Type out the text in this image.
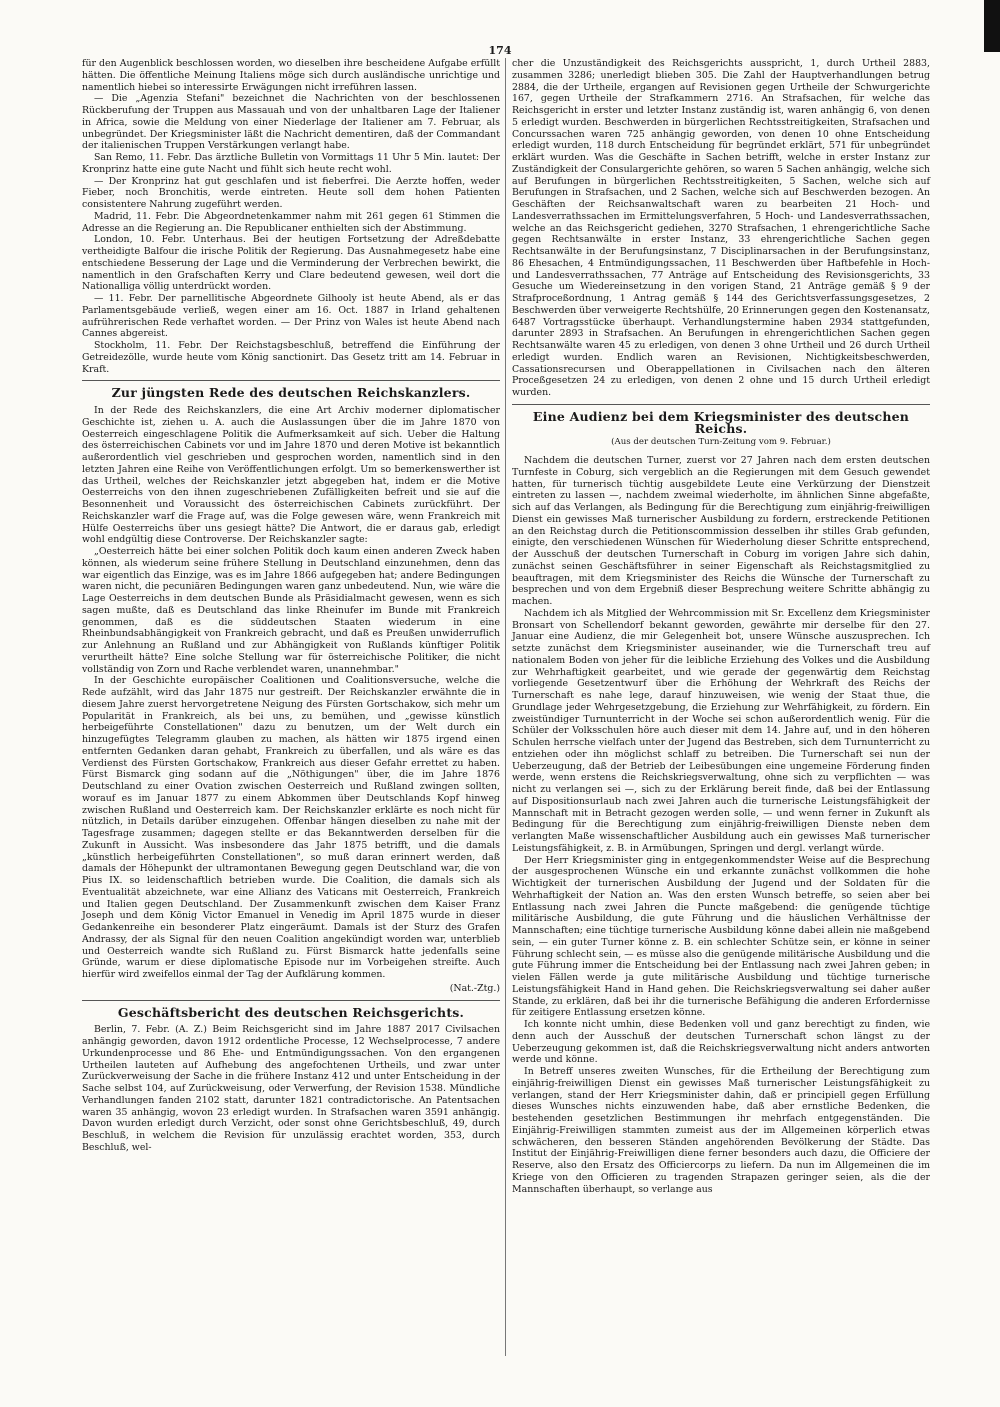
174

für den Augenblick beschlossen worden, wo dieselben ihre bescheidene Aufgabe erfüllt hätten. Die öffentliche Meinung Italiens möge sich durch ausländische unrichtige und namentlich hiebei so interessirte Erwägungen nicht irreführen lassen.

— Die „Agenzia Stefani" bezeichnet die Nachrichten von der beschlossenen Rückberufung der Truppen aus Massauah und von der unhaltbaren Lage der Italiener in Africa, sowie die Meldung von einer Niederlage der Italiener am 7. Februar, als unbegründet. Der Kriegsminister läßt die Nachricht dementiren, daß der Commandant der italienischen Truppen Verstärkungen verlangt habe.

San Remo, 11. Febr. Das ärztliche Bulletin von Vormittags 11 Uhr 5 Min. lautet: Der Kronprinz hatte eine gute Nacht und fühlt sich heute recht wohl.

— Der Kronprinz hat gut geschlafen und ist fieberfrei. Die Aerzte hoffen, weder Fieber, noch Bronchitis, werde eintreten. Heute soll dem hohen Patienten consistentere Nahrung zugeführt werden.

Madrid, 11. Febr. Die Abgeordnetenkammer nahm mit 261 gegen 61 Stimmen die Adresse an die Regierung an. Die Republicaner enthielten sich der Abstimmung.

London, 10. Febr. Unterhaus. Bei der heutigen Fortsetzung der Adreßdebatte vertheidigte Balfour die irische Politik der Regierung. Das Ausnahmegesetz habe eine entschiedene Besserung der Lage und die Verminderung der Verbrechen bewirkt, die namentlich in den Grafschaften Kerry und Clare bedeutend gewesen, weil dort die Nationalliga völlig unterdrückt worden.

— 11. Febr. Der parnellitische Abgeordnete Gilhooly ist heute Abend, als er das Parlamentsgebäude verließ, wegen einer am 16. Oct. 1887 in Irland gehaltenen aufrührerischen Rede verhaftet worden. — Der Prinz von Wales ist heute Abend nach Cannes abgereist.

Stockholm, 11. Febr. Der Reichstagsbeschluß, betreffend die Einführung der Getreidezölle, wurde heute vom König sanctionirt. Das Gesetz tritt am 14. Februar in Kraft.

Zur jüngsten Rede des deutschen Reichskanzlers.

In der Rede des Reichskanzlers, die eine Art Archiv moderner diplomatischer Geschichte ist, ziehen u. A. auch die Auslassungen über die im Jahre 1870 von Oesterreich eingeschlagene Politik die Aufmerksamkeit auf sich. Ueber die Haltung des österreichischen Cabinets vor und im Jahre 1870 und deren Motive ist bekanntlich außerordentlich viel geschrieben und gesprochen worden, namentlich sind in den letzten Jahren eine Reihe von Veröffentlichungen erfolgt. Um so bemerkenswerther ist das Urtheil, welches der Reichskanzler jetzt abgegeben hat, indem er die Motive Oesterreichs von den ihnen zugeschriebenen Zufälligkeiten befreit und sie auf die Besonnenheit und Voraussicht des österreichischen Cabinets zurückführt. Der Reichskanzler warf die Frage auf, was die Folge gewesen wäre, wenn Frankreich mit Hülfe Oesterreichs über uns gesiegt hätte? Die Antwort, die er daraus gab, erledigt wohl endgültig diese Controverse. Der Reichskanzler sagte:

„Oesterreich hätte bei einer solchen Politik doch kaum einen anderen Zweck haben können, als wiederum seine frühere Stellung in Deutschland einzunehmen, denn das war eigentlich das Einzige, was es im Jahre 1866 aufgegeben hat; andere Bedingungen waren nicht, die pecuniären Bedingungen waren ganz unbedeutend. Nun, wie wäre die Lage Oesterreichs in dem deutschen Bunde als Präsidialmacht gewesen, wenn es sich sagen mußte, daß es Deutschland das linke Rheinufer im Bunde mit Frankreich genommen, daß es die süddeutschen Staaten wiederum in eine Rheinbundsabhängigkeit von Frankreich gebracht, und daß es Preußen unwiderruflich zur Anlehnung an Rußland und zur Abhängigkeit von Rußlands künftiger Politik verurtheilt hätte? Eine solche Stellung war für österreichische Politiker, die nicht vollständig von Zorn und Rache verblendet waren, unannehmbar."

In der Geschichte europäischer Coalitionen und Coalitionsversuche, welche die Rede aufzählt, wird das Jahr 1875 nur gestreift. Der Reichskanzler erwähnte die in diesem Jahre zuerst hervorgetretene Neigung des Fürsten Gortschakow, sich mehr um Popularität in Frankreich, als bei uns, zu bemühen, und „gewisse künstlich herbeigeführte Constellationen" dazu zu benutzen, um der Welt durch ein hinzugefügtes Telegramm glauben zu machen, als hätten wir 1875 irgend einen entfernten Gedanken daran gehabt, Frankreich zu überfallen, und als wäre es das Verdienst des Fürsten Gortschakow, Frankreich aus dieser Gefahr errettet zu haben. Fürst Bismarck ging sodann auf die „Nöthigungen" über, die im Jahre 1876 Deutschland zu einer Ovation zwischen Oesterreich und Rußland zwingen sollten, worauf es im Januar 1877 zu einem Abkommen über Deutschlands Kopf hinweg zwischen Rußland und Oesterreich kam. Der Reichskanzler erklärte es noch nicht für nützlich, in Details darüber einzugehen. Offenbar hängen dieselben zu nahe mit der Tagesfrage zusammen; dagegen stellte er das Bekanntwerden derselben für die Zukunft in Aussicht. Was insbesondere das Jahr 1875 betrifft, und die damals „künstlich herbeigeführten Constellationen", so muß daran erinnert werden, daß damals der Höhepunkt der ultramontanen Bewegung gegen Deutschland war, die von Pius IX. so leidenschaftlich betrieben wurde. Die Coalition, die damals sich als Eventualität abzeichnete, war eine Allianz des Vaticans mit Oesterreich, Frankreich und Italien gegen Deutschland. Der Zusammenkunft zwischen dem Kaiser Franz Joseph und dem König Victor Emanuel in Venedig im April 1875 wurde in dieser Gedankenreihe ein besonderer Platz eingeräumt. Damals ist der Sturz des Grafen Andrassy, der als Signal für den neuen Coalition angekündigt worden war, unterblieb und Oesterreich wandte sich Rußland zu. Fürst Bismarck hatte jedenfalls seine Gründe, warum er diese diplomatische Episode nur im Vorbeigehen streifte. Auch hierfür wird zweifellos einmal der Tag der Aufklärung kommen.

(Nat.-Ztg.)
Geschäftsbericht des deutschen Reichsgerichts.

Berlin, 7. Febr. (A. Z.) Beim Reichsgericht sind im Jahre 1887 2017 Civilsachen anhängig geworden, davon 1912 ordentliche Processe, 12 Wechselprocesse, 7 andere Urkundenprocesse und 86 Ehe- und Entmündigungssachen. Von den ergangenen Urtheilen lauteten auf Aufhebung des angefochtenen Urtheils, und zwar unter Zurückverweisung der Sache in die frühere Instanz 412 und unter Entscheidung in der Sache selbst 104, auf Zurückweisung, oder Verwerfung, der Revision 1538. Mündliche Verhandlungen fanden 2102 statt, darunter 1821 contradictorische. An Patentsachen waren 35 anhängig, wovon 23 erledigt wurden. In Strafsachen waren 3591 anhängig. Davon wurden erledigt durch Verzicht, oder sonst ohne Gerichtsbeschluß, 49, durch Beschluß, in welchem die Revision für unzulässig erachtet worden, 353, durch Beschluß, wel-

cher die Unzuständigkeit des Reichsgerichts ausspricht, 1, durch Urtheil 2883, zusammen 3286; unerledigt blieben 305. Die Zahl der Hauptverhandlungen betrug 2884, die der Urtheile, ergangen auf Revisionen gegen Urtheile der Schwurgerichte 167, gegen Urtheile der Strafkammern 2716. An Strafsachen, für welche das Reichsgericht in erster und letzter Instanz zuständig ist, waren anhängig 6, von denen 5 erledigt wurden. Beschwerden in bürgerlichen Rechtsstreitigkeiten, Strafsachen und Concurssachen waren 725 anhängig geworden, von denen 10 ohne Entscheidung erledigt wurden, 118 durch Entscheidung für begründet erklärt, 571 für unbegründet erklärt wurden. Was die Geschäfte in Sachen betrifft, welche in erster Instanz zur Zuständigkeit der Consulargerichte gehören, so waren 5 Sachen anhängig, welche sich auf Berufungen in bürgerlichen Rechtsstreitigkeiten, 5 Sachen, welche sich auf Berufungen in Strafsachen, und 2 Sachen, welche sich auf Beschwerden bezogen. An Geschäften der Reichsanwaltschaft waren zu bearbeiten 21 Hoch- und Landesverrathssachen im Ermittelungsverfahren, 5 Hoch- und Landesverrathssachen, welche an das Reichsgericht gediehen, 3270 Strafsachen, 1 ehrengerichtliche Sache gegen Rechtsanwälte in erster Instanz, 33 ehrengerichtliche Sachen gegen Rechtsanwälte in der Berufungsinstanz, 7 Disciplinarsachen in der Berufungsinstanz, 86 Ehesachen, 4 Entmündigungssachen, 11 Beschwerden über Haftbefehle in Hoch- und Landesverrathssachen, 77 Anträge auf Entscheidung des Revisionsgerichts, 33 Gesuche um Wiedereinsetzung in den vorigen Stand, 21 Anträge gemäß § 9 der Strafproceßordnung, 1 Antrag gemäß § 144 des Gerichtsverfassungsgesetzes, 2 Beschwerden über verweigerte Rechtshülfe, 20 Erinnerungen gegen den Kostenansatz, 6487 Vortragsstücke überhaupt. Verhandlungstermine haben 2934 stattgefunden, darunter 2893 in Strafsachen. An Berufungen in ehrengerichtlichen Sachen gegen Rechtsanwälte waren 45 zu erledigen, von denen 3 ohne Urtheil und 26 durch Urtheil erledigt wurden. Endlich waren an Revisionen, Nichtigkeitsbeschwerden, Cassationsrecursen und Oberappellationen in Civilsachen nach den älteren Proceßgesetzen 24 zu erledigen, von denen 2 ohne und 15 durch Urtheil erledigt wurden.

Eine Audienz bei dem Kriegsminister des deutschen Reichs.
(Aus der deutschen Turn-Zeitung vom 9. Februar.)

Nachdem die deutschen Turner, zuerst vor 27 Jahren nach dem ersten deutschen Turnfeste in Coburg, sich vergeblich an die Regierungen mit dem Gesuch gewendet hatten, für turnerisch tüchtig ausgebildete Leute eine Verkürzung der Dienstzeit eintreten zu lassen —, nachdem zweimal wiederholte, im ähnlichen Sinne abgefaßte, sich auf das Verlangen, als Bedingung für die Berechtigung zum einjährig-freiwilligen Dienst ein gewisses Maß turnerischer Ausbildung zu fordern, erstreckende Petitionen an den Reichstag durch die Petitionscommission desselben ihr stilles Grab gefunden, einigte, den verschiedenen Wünschen für Wiederholung dieser Schritte entsprechend, der Ausschuß der deutschen Turnerschaft in Coburg im vorigen Jahre sich dahin, zunächst seinen Geschäftsführer in seiner Eigenschaft als Reichstagsmitglied zu beauftragen, mit dem Kriegsminister des Reichs die Wünsche der Turnerschaft zu besprechen und von dem Ergebniß dieser Besprechung weitere Schritte abhängig zu machen.

Nachdem ich als Mitglied der Wehrcommission mit Sr. Excellenz dem Kriegsminister Bronsart von Schellendorf bekannt geworden, gewährte mir derselbe für den 27. Januar eine Audienz, die mir Gelegenheit bot, unsere Wünsche auszusprechen. Ich setzte zunächst dem Kriegsminister auseinander, wie die Turnerschaft treu auf nationalem Boden von jeher für die leibliche Erziehung des Volkes und die Ausbildung zur Wehrhaftigkeit gearbeitet, und wie gerade der gegenwärtig dem Reichstag vorliegende Gesetzentwurf über die Erhöhung der Wehrkraft des Reichs der Turnerschaft es nahe lege, darauf hinzuweisen, wie wenig der Staat thue, die Grundlage jeder Wehrgesetzgebung, die Erziehung zur Wehrfähigkeit, zu fördern. Ein zweistündiger Turnunterricht in der Woche sei schon außerordentlich wenig. Für die Schüler der Volksschulen höre auch dieser mit dem 14. Jahre auf, und in den höheren Schulen herrsche vielfach unter der Jugend das Bestreben, sich dem Turnunterricht zu entziehen oder ihn möglichst schlaff zu betreiben. Die Turnerschaft sei nun der Ueberzeugung, daß der Betrieb der Leibesübungen eine ungemeine Förderung finden werde, wenn erstens die Reichskriegsverwaltung, ohne sich zu verpflichten — was nicht zu verlangen sei —, sich zu der Erklärung bereit finde, daß bei der Entlassung auf Dispositionsurlaub nach zwei Jahren auch die turnerische Leistungsfähigkeit der Mannschaft mit in Betracht gezogen werden solle, — und wenn ferner in Zukunft als Bedingung für die Berechtigung zum einjährig-freiwilligen Dienste neben dem verlangten Maße wissenschaftlicher Ausbildung auch ein gewisses Maß turnerischer Leistungsfähigkeit, z. B. in Armübungen, Springen und dergl. verlangt würde.

Der Herr Kriegsminister ging in entgegenkommendster Weise auf die Besprechung der ausgesprochenen Wünsche ein und erkannte zunächst vollkommen die hohe Wichtigkeit der turnerischen Ausbildung der Jugend und der Soldaten für die Wehrhaftigkeit der Nation an. Was den ersten Wunsch betreffe, so seien aber bei Entlassung nach zwei Jahren die Puncte maßgebend: die genügende tüchtige militärische Ausbildung, die gute Führung und die häuslichen Verhältnisse der Mannschaften; eine tüchtige turnerische Ausbildung könne dabei allein nie maßgebend sein, — ein guter Turner könne z. B. ein schlechter Schütze sein, er könne in seiner Führung schlecht sein, — es müsse also die genügende militärische Ausbildung und die gute Führung immer die Entscheidung bei der Entlassung nach zwei Jahren geben; in vielen Fällen werde ja gute militärische Ausbildung und tüchtige turnerische Leistungsfähigkeit Hand in Hand gehen. Die Reichskriegsverwaltung sei daher außer Stande, zu erklären, daß bei ihr die turnerische Befähigung die anderen Erfordernisse für zeitigere Entlassung ersetzen könne.

Ich konnte nicht umhin, diese Bedenken voll und ganz berechtigt zu finden, wie denn auch der Ausschuß der deutschen Turnerschaft schon längst zu der Ueberzeugung gekommen ist, daß die Reichskriegsverwaltung nicht anders antworten werde und könne.

In Betreff unseres zweiten Wunsches, für die Ertheilung der Berechtigung zum einjährig-freiwilligen Dienst ein gewisses Maß turnerischer Leistungsfähigkeit zu verlangen, stand der Herr Kriegsminister dahin, daß er principiell gegen Erfüllung dieses Wunsches nichts einzuwenden habe, daß aber ernstliche Bedenken, die bestehenden gesetzlichen Bestimmungen ihr mehrfach entgegenständen. Die Einjährig-Freiwilligen stammten zumeist aus der im Allgemeinen körperlich etwas schwächeren, den besseren Ständen angehörenden Bevölkerung der Städte. Das Institut der Einjährig-Freiwilligen diene ferner besonders auch dazu, die Officiere der Reserve, also den Ersatz des Officiercorps zu liefern. Da nun im Allgemeinen die im Kriege von den Officieren zu tragenden Strapazen geringer seien, als die der Mannschaften überhaupt, so verlange aus
